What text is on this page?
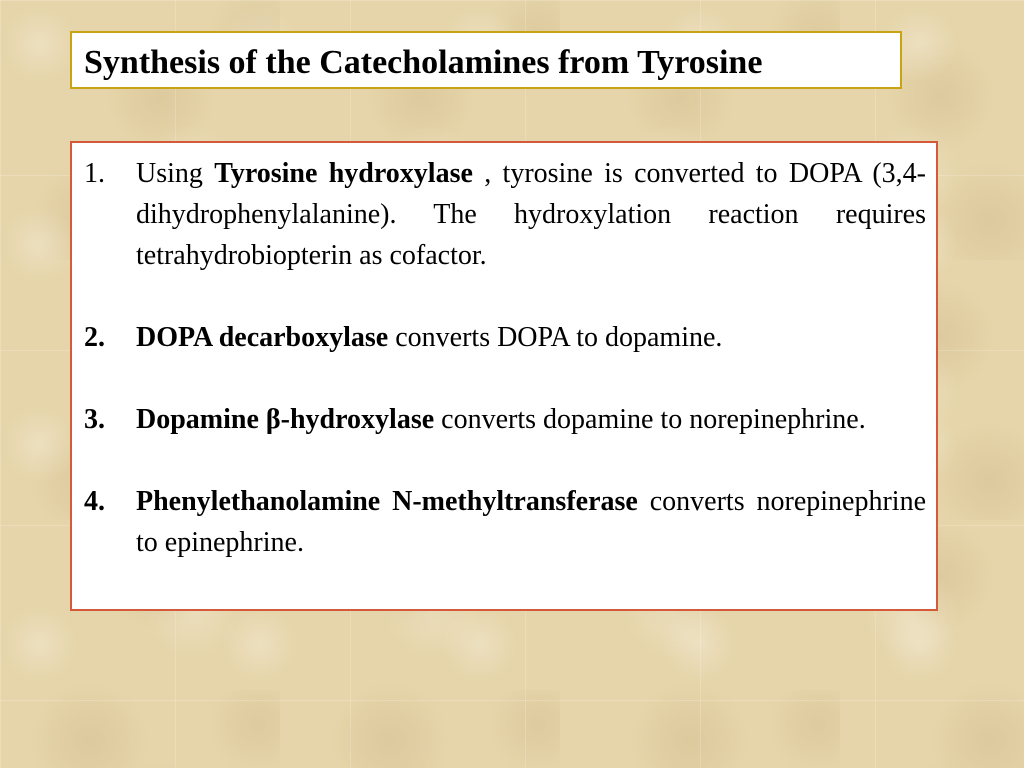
Synthesis of the Catecholamines from Tyrosine
1. Using Tyrosine hydroxylase , tyrosine is converted to DOPA (3,4-dihydrophenylalanine). The hydroxylation reaction requires tetrahydrobiopterin as cofactor.
2. DOPA decarboxylase converts DOPA to dopamine.
3. Dopamine β-hydroxylase converts dopamine to norepinephrine.
4. Phenylethanolamine N-methyltransferase converts norepinephrine to epinephrine.
